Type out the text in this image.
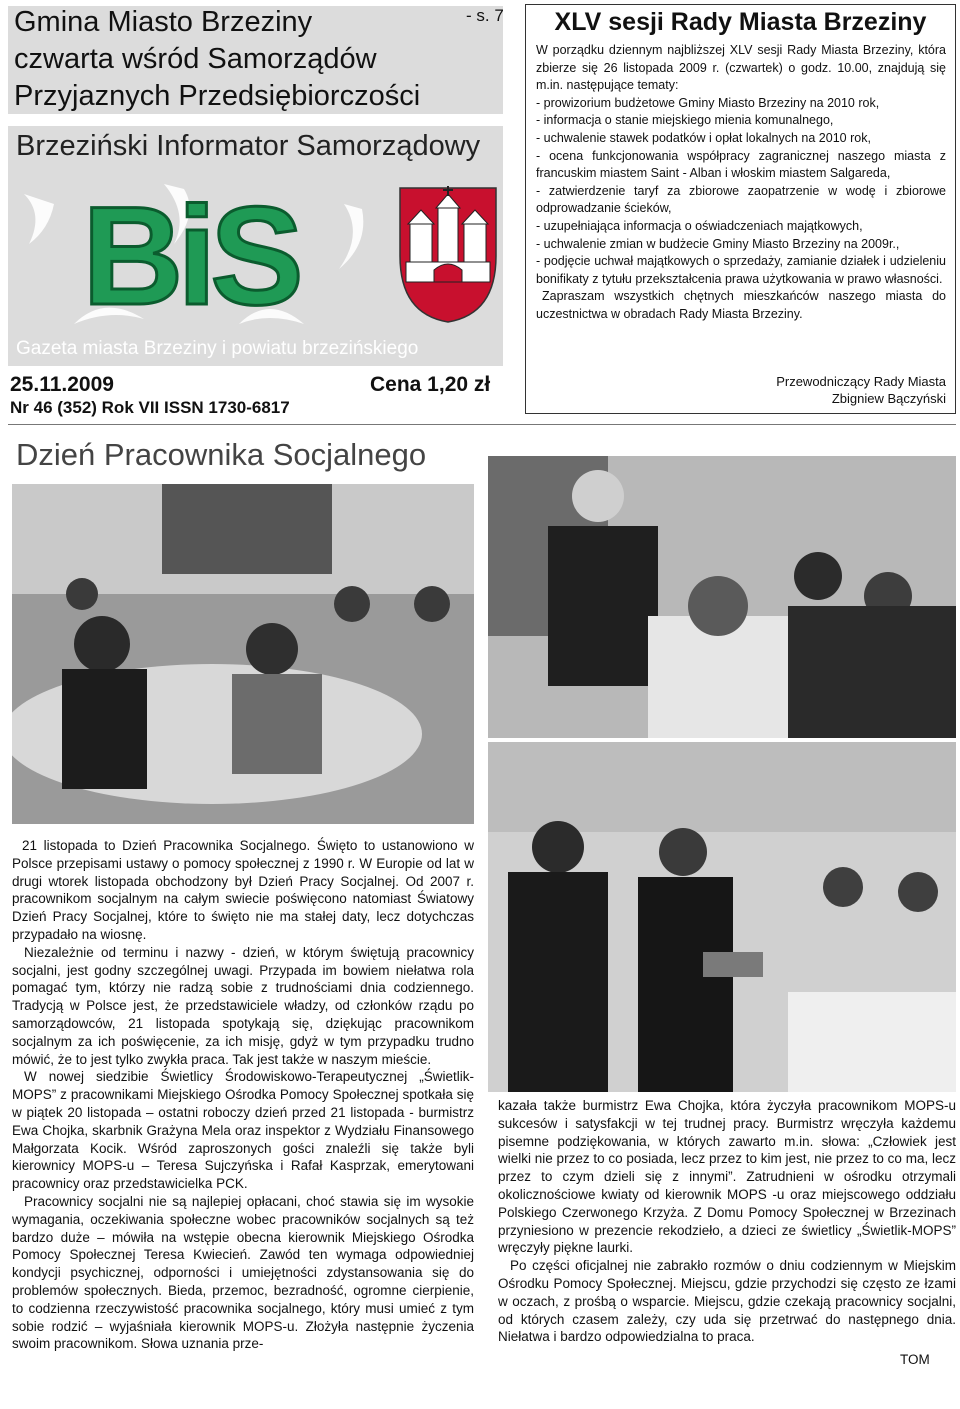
Gmina Miasto Brzeziny
czwarta wśród Samorządów
Przyjaznych Przedsiębiorczości
- s. 7
Brzeziński Informator Samorządowy
BiS
Gazeta miasta Brzeziny i powiatu brzezińskiego
25.11.2009	Cena 1,20 zł
Nr 46 (352) Rok VII ISSN 1730-6817
XLV sesji Rady Miasta Brzeziny

W porządku dziennym najbliższej XLV sesji Rady Miasta Brzeziny, która zbierze się 26 listopada 2009 r. (czwartek) o godz. 10.00, znajdują się m.in. następujące tematy:

- prowizorium budżetowe Gminy Miasto Brzeziny na 2010 rok,

- informacja o stanie miejskiego mienia komunalnego,

- uchwalenie stawek podatków i opłat lokalnych na 2010 rok,

- ocena funkcjonowania współpracy zagranicznej naszego miasta z francuskim miastem Saint - Alban i włoskim miastem Salgareda,

- zatwierdzenie taryf za zbiorowe zaopatrzenie w wodę i zbiorowe odprowadzanie ścieków,

- uzupełniająca informacja o oświadczeniach majątkowych,

- uchwalenie zmian w budżecie Gminy Miasto Brzeziny na 2009r.,

- podjęcie uchwał majątkowych o sprzedaży, zamianie działek i udzieleniu bonifikaty z tytułu przekształcenia prawa użytkowania w prawo własności.

Zapraszam wszystkich chętnych mieszkańców naszego miasta do uczestnictwa w obradach Rady Miasta Brzeziny.

Przewodniczący Rady Miasta
Zbigniew Bączyński
Dzień Pracownika Socjalnego

21 listopada to Dzień Pracownika Socjalnego. Święto to ustanowiono w Polsce przepisami ustawy o pomocy społecznej z 1990 r. W Europie od lat w drugi wtorek listopada obchodzony był Dzień Pracy Socjalnej. Od 2007 r. pracownikom socjalnym na całym swiecie poświęcono natomiast Światowy Dzień Pracy Socjalnej, które to święto nie ma stałej daty, lecz dotychczas przypadało na wiosnę.

Niezależnie od terminu i nazwy - dzień, w którym świętują pracownicy socjalni, jest godny szczególnej uwagi. Przypada im bowiem niełatwa rola pomagać tym, którzy nie radzą sobie z trudnościami dnia codziennego. Tradycją w Polsce jest, że przedstawiciele władzy, od członków rządu po samorządowców, 21 listopada spotykają się, dziękując pracownikom socjalnym za ich poświęcenie, za ich misję, gdyż w tym przypadku trudno mówić, że to jest tylko zwykła praca. Tak jest także w naszym mieście.

W nowej siedzibie Świetlicy Środowiskowo-Terapeutycznej „Świetlik-MOPS” z pracownikami Miejskiego Ośrodka Pomocy Społecznej spotkała się w piątek 20 listopada – ostatni roboczy dzień przed 21 listopada - burmistrz Ewa Chojka, skarbnik Grażyna Mela oraz inspektor z Wydziału Finansowego Małgorzata Kocik. Wśród zaproszonych gości znaleźli się także byli kierownicy MOPS-u – Teresa Sujczyńska i Rafał Kasprzak, emerytowani pracownicy oraz przedstawicielka PCK.

Pracownicy socjalni nie są najlepiej opłacani, choć stawia się im wysokie wymagania, oczekiwania społeczne wobec pracowników socjalnych są też bardzo duże – mówiła na wstępie obecna kierownik Miejskiego Ośrodka Pomocy Społecznej Teresa Kwiecień. Zawód ten wymaga odpowiedniej kondycji psychicznej, odporności i umiejętności zdystansowania się do problemów społecznych. Bieda, przemoc, bezradność, ogromne cierpienie, to codzienna rzeczywistość pracownika socjalnego, który musi umieć z tym sobie rodzić – wyjaśniała kierownik MOPS-u. Złożyła następnie życzenia swoim pracownikom. Słowa uznania prze-

kazała także burmistrz Ewa Chojka, która życzyła pracownikom MOPS-u sukcesów i satysfakcji w tej trudnej pracy. Burmistrz wręczyła każdemu pisemne podziękowania, w których zawarto m.in. słowa: „Człowiek jest wielki nie przez to co posiada, lecz przez to kim jest, nie przez to co ma, lecz przez to czym dzieli się z innymi”. Zatrudnieni w ośrodku otrzymali okolicznościowe kwiaty od kierownik MOPS -u oraz miejscowego oddziału Polskiego Czerwonego Krzyża. Z Domu Pomocy Społecznej w Brzezinach przyniesiono w prezencie rekodzieło, a dzieci ze świetlicy „Świetlik-MOPS” wręczyły piękne laurki.

Po części oficjalnej nie zabrakło rozmów o dniu codziennym w Miejskim Ośrodku Pomocy Społecznej. Miejscu, gdzie przychodzi się często ze łzami w oczach, z prośbą o wsparcie. Miejscu, gdzie czekają pracownicy socjalni, od których czasem zależy, czy uda się przetrwać do następnego dnia. Niełatwa i bardzo odpowiedzialna to praca.

TOM
